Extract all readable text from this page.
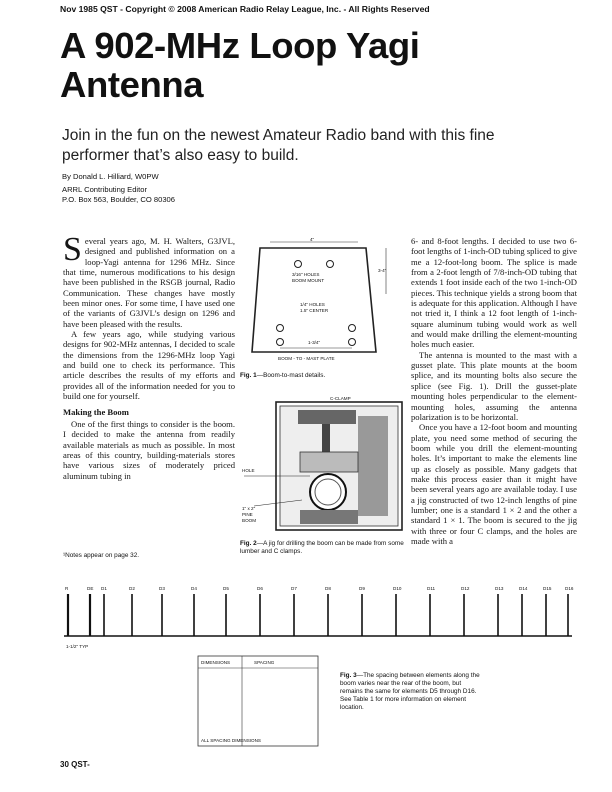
Nov 1985 QST - Copyright © 2008 American Radio Relay League, Inc. - All Rights Reserved
A 902-MHz Loop Yagi
Antenna
Join in the fun on the newest Amateur Radio band with this fine performer that’s also easy to build.
By Donald L. Hilliard, W0PW
ARRL Contributing Editor
P.O. Box 563, Boulder, CO 80306

Several years ago, M. H. Walters, G3JVL, designed and published information on a loop-Yagi antenna for 1296 MHz. Since that time, numerous modifications to his design have been published in the RSGB journal, Radio Communication. These changes have mostly been minor ones. For some time, I have used one of the variants of G3JVL’s design on 1296 and have been pleased with the results.

A few years ago, while studying various designs for 902-MHz antennas, I decided to scale the dimensions from the 1296-MHz loop Yagi and build one to check its performance. This article describes the results of my efforts and provides all of the information needed for you to build one for yourself.

Making the Boom

One of the first things to consider is the boom. I decided to make the antenna from readily available materials as much as possible. In most areas of this country, building-materials stores have various sizes of moderately priced aluminum tubing in

6- and 8-foot lengths. I decided to use two 6-foot lengths of 1-inch-OD tubing spliced to give me a 12-foot-long boom. The splice is made from a 2-foot length of 7/8-inch-OD tubing that extends 1 foot inside each of the two 1-inch-OD pieces. This technique yields a strong boom that is adequate for this application. Although I have not tried it, I think a 12 foot length of 1-inch-square aluminum tubing would work as well and would make drilling the element-mounting holes much easier.

The antenna is mounted to the mast with a gusset plate. This plate mounts at the boom splice, and its mounting bolts also secure the splice (see Fig. 1). Drill the gusset-plate mounting holes perpendicular to the element-mounting holes, assuming the antenna polarization is to be horizontal.

Once you have a 12-foot boom and mounting plate, you need some method of securing the boom while you drill the element-mounting holes. It’s important to make the elements line up as closely as possible. Many gadgets that make this process easier than it might have been several years ago are available today. I use a jig constructed of two 12-inch lengths of pine lumber; one is a standard 1 × 2 and the other a standard 1 × 1. The boom is secured to the jig with three or four C clamps, and the holes are made with a

4"
3-4"
3/16" HOLES
BOOM MOUNT
1/4" HOLES
1.5" CENTER
1-3/4"
BOOM - TO - MAST PLATE
Fig. 1—Boom-to-mast details.
C-CLAMP
HOLE
1" x 2"
PINE
BOOM
Fig. 2—A jig for drilling the boom can be made from some lumber and C clamps.
¹Notes appear on page 32.
R	DE D1	D2	D3	D4	D5	D6	D7	D8	D9	D10	D11	D12	D13	D14	D15	D16
DIMENSIONS	SPACING
ALL SPACING DIMENSIONS
1-1/2" TYP
Fig. 3—The spacing between elements along the boom varies near the rear of the boom, but remains the same for elements D5 through D16. See Table 1 for more information on element location.
30 QST-
